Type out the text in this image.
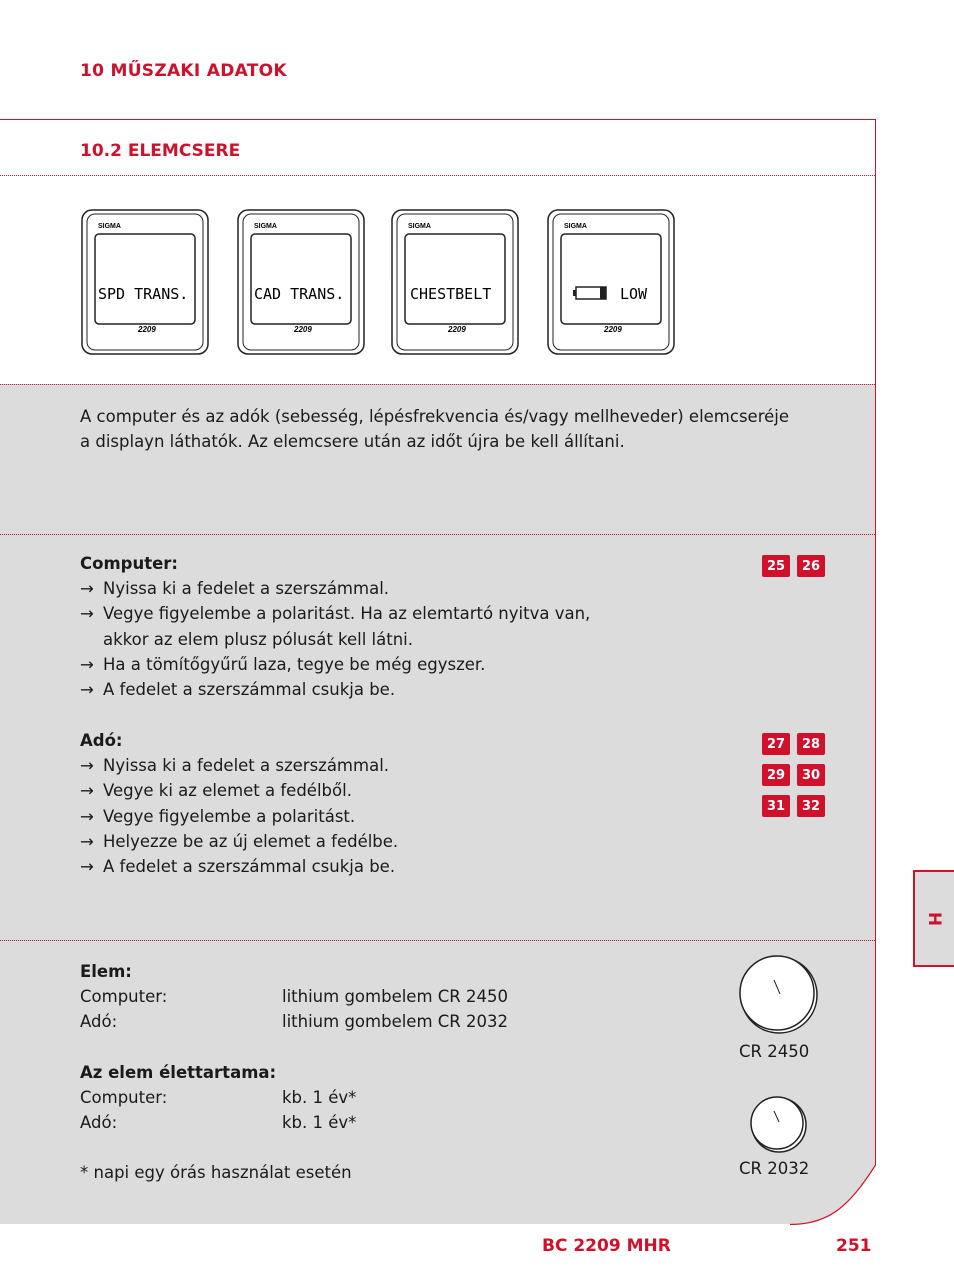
10 MŰSZAKI ADATOK
10.2 ELEMCSERE
SIGMA
SPD TRANS.
2209
SIGMA
CAD TRANS.
2209
SIGMA
CHESTBELT
2209
SIGMA
LOW
2209
A computer és az adók (sebesség, lépésfrekvencia és/vagy mellheveder) elemcseréje
a displayn láthatók. Az elemcsere után az időt újra be kell állítani.
Computer:
→ Nyissa ki a fedelet a szerszámmal.
→ Vegye figyelembe a polaritást. Ha az elemtartó nyitva van,
akkor az elem plusz pólusát kell látni.
→ Ha a tömítőgyűrű laza, tegye be még egyszer.
→ A fedelet a szerszámmal csukja be.
25	26
Adó:
→ Nyissa ki a fedelet a szerszámmal.
→ Vegye ki az elemet a fedélből.
→ Vegye figyelembe a polaritást.
→ Helyezze be az új elemet a fedélbe.
→ A fedelet a szerszámmal csukja be.
27	28
29	30
31	32
Elem:
Computer:	lithium gombelem CR 2450
Adó:	lithium gombelem CR 2032
Az elem élettartama:
Computer:	kb. 1 év*
Adó:	kb. 1 év*
* napi egy órás használat esetén
CR 2450
CR 2032
H
BC 2209 MHR	251
